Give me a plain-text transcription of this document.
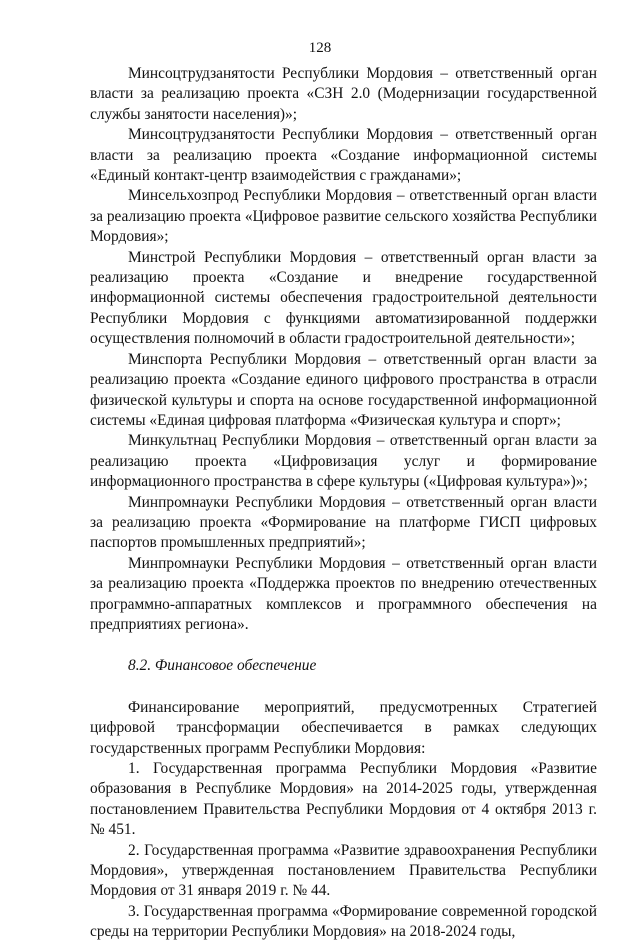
128

Минсоцтрудзанятости Республики Мордовия – ответственный орган власти за реализацию проекта «СЗН 2.0 (Модернизации государственной службы занятости населения)»;

Минсоцтрудзанятости Республики Мордовия – ответственный орган власти за реализацию проекта «Создание информационной системы «Единый контакт-центр взаимодействия с гражданами»;

Минсельхозпрод Республики Мордовия – ответственный орган власти за реализацию проекта «Цифровое развитие сельского хозяйства Республики Мордовия»;

Минстрой Республики Мордовия – ответственный орган власти за реализацию проекта «Создание и внедрение государственной информационной системы обеспечения градостроительной деятельности Республики Мордовия с функциями автоматизированной поддержки осуществления полномочий в области градостроительной деятельности»;

Минспорта Республики Мордовия – ответственный орган власти за реализацию проекта «Создание единого цифрового пространства в отрасли физической культуры и спорта на основе государственной информационной системы «Единая цифровая платформа «Физическая культура и спорт»;

Минкультнац Республики Мордовия – ответственный орган власти за реализацию проекта «Цифровизация услуг и формирование информационного пространства в сфере культуры («Цифровая культура»)»;

Минпромнауки Республики Мордовия – ответственный орган власти за реализацию проекта «Формирование на платформе ГИСП цифровых паспортов промышленных предприятий»;

Минпромнауки Республики Мордовия – ответственный орган власти за реализацию проекта «Поддержка проектов по внедрению отечественных программно-аппаратных комплексов и программного обеспечения на предприятиях региона».

8.2. Финансовое обеспечение

Финансирование мероприятий, предусмотренных Стратегией цифровой трансформации обеспечивается в рамках следующих государственных программ Республики Мордовия:

1. Государственная программа Республики Мордовия «Развитие образования в Республике Мордовия» на 2014-2025 годы, утвержденная постановлением Правительства Республики Мордовия от 4 октября 2013 г. № 451.

2. Государственная программа «Развитие здравоохранения Республики Мордовия», утвержденная постановлением Правительства Республики Мордовия от 31 января 2019 г. № 44.

3. Государственная программа «Формирование современной городской среды на территории Республики Мордовия» на 2018-2024 годы,
